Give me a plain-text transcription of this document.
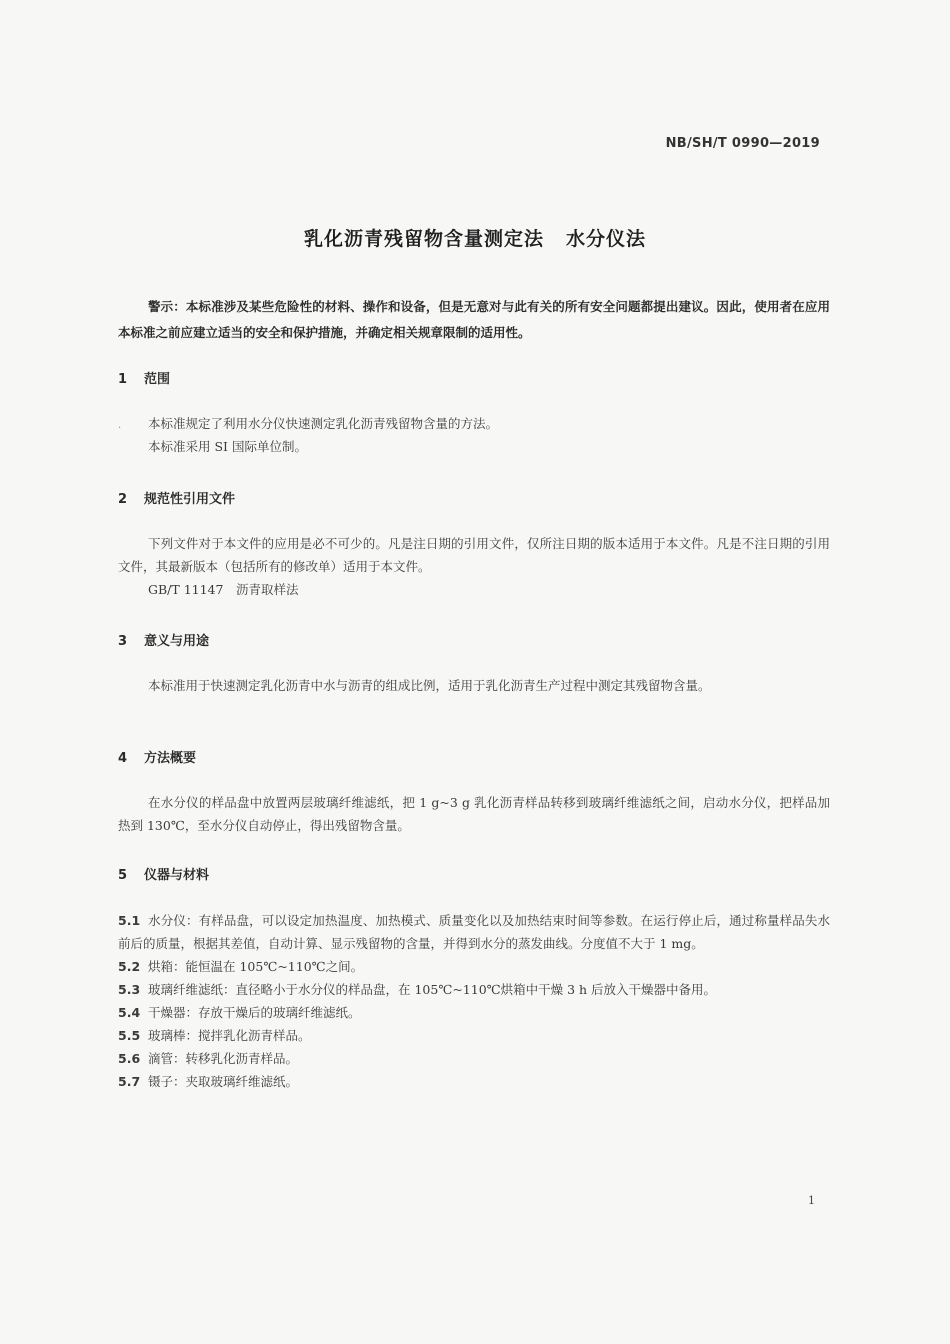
NB/SH/T 0990—2019
乳化沥青残留物含量测定法 水分仪法
警示：本标准涉及某些危险性的材料、操作和设备，但是无意对与此有关的所有安全问题都提出建议。因此，使用者在应用本标准之前应建立适当的安全和保护措施，并确定相关规章限制的适用性。
1 范围
.	本标准规定了利用水分仪快速测定乳化沥青残留物含量的方法。

本标准采用 SI 国际单位制。

2 规范性引用文件

下列文件对于本文件的应用是必不可少的。凡是注日期的引用文件，仅所注日期的版本适用于本文件。凡是不注日期的引用文件，其最新版本（包括所有的修改单）适用于本文件。

GB/T 11147　沥青取样法

3 意义与用途

本标准用于快速测定乳化沥青中水与沥青的组成比例，适用于乳化沥青生产过程中测定其残留物含量。

4 方法概要

在水分仪的样品盘中放置两层玻璃纤维滤纸，把 1 g~3 g 乳化沥青样品转移到玻璃纤维滤纸之间，启动水分仪，把样品加热到 130℃，至水分仪自动停止，得出残留物含量。

5 仪器与材料

5.1 水分仪：有样品盘，可以设定加热温度、加热模式、质量变化以及加热结束时间等参数。在运行停止后，通过称量样品失水前后的质量，根据其差值，自动计算、显示残留物的含量，并得到水分的蒸发曲线。分度值不大于 1 mg。

5.2 烘箱：能恒温在 105℃~110℃之间。

5.3 玻璃纤维滤纸：直径略小于水分仪的样品盘，在 105℃~110℃烘箱中干燥 3 h 后放入干燥器中备用。

5.4 干燥器：存放干燥后的玻璃纤维滤纸。

5.5 玻璃棒：搅拌乳化沥青样品。

5.6 滴管：转移乳化沥青样品。

5.7 镊子：夹取玻璃纤维滤纸。

1
